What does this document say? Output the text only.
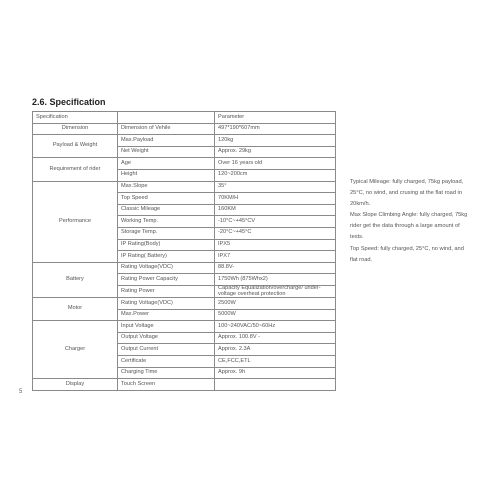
2.6. Specification
Specification		Parameter
Dimension	Dimension of Vehile	497*190*607mm
Payload & Weight	Max.Payload	120kg
	Net Weight	Approx. 29kg
Requirement of rider	Age	Over 16 years old
	Height	120~200cm
Performance	Max.Slope	35°
	Top Speed	70KM/H
	Classic Mileage	160KM
	Working Temp.	-10°C~+45°CV
	Storage Temp.	-20°C~+45°C
	IP Rating(Body)	IPX5
	IP Rating( Battery)	IPX7
Battery	Rating Voltage(VDC)	88.8V-
	Rating Power Capacity	1750Wh (875Whx2)
	Rating Power	Capacity Equalization/overcharge/ under-voltage overheat protection
Motor	Rating Voltage(VDC)	2500W
	Max.Power	5000W
Charger	Input Voltage	100~240VAC/50~60Hz
	Output Voltage	Approx. 100.8V -
	Output Current	Approx. 2.3A
	Certificate	CE,FCC,ETL
	Charging Time	Approx. 9h
Display	Touch Screen	

Typical Mileage: fully charged, 75kg payload, 25°C, no wind, and crusing at the flat road in 20km/h.

Max Slope Climbing Angle: fully charged, 75kg rider get the data through a large amount of tests.

Top Speed: fully charged, 25°C, no wind, and flat road.

5
